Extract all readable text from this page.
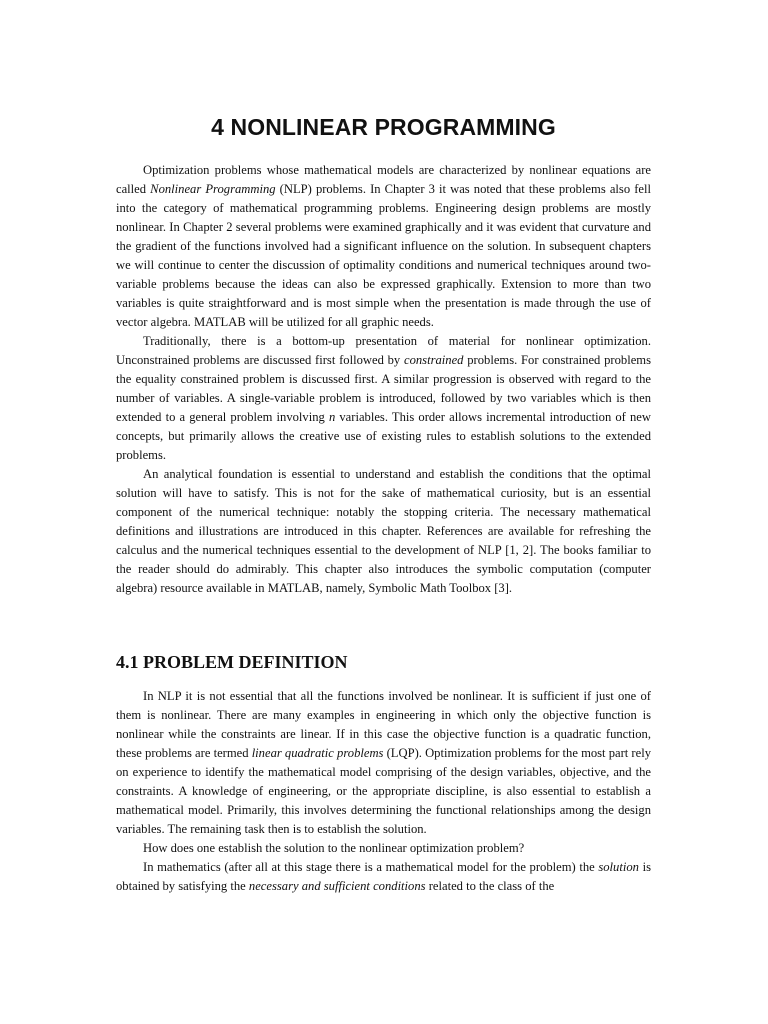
4 NONLINEAR PROGRAMMING

Optimization problems whose mathematical models are characterized by nonlinear equations are called Nonlinear Programming (NLP) problems. In Chapter 3 it was noted that these problems also fell into the category of mathematical programming problems. Engineering design problems are mostly nonlinear. In Chapter 2 several problems were examined graphically and it was evident that curvature and the gradient of the functions involved had a significant influence on the solution. In subsequent chapters we will continue to center the discussion of optimality conditions and numerical techniques around two-variable problems because the ideas can also be expressed graphically. Extension to more than two variables is quite straightforward and is most simple when the presentation is made through the use of vector algebra. MATLAB will be utilized for all graphic needs.

Traditionally, there is a bottom-up presentation of material for nonlinear optimization. Unconstrained problems are discussed first followed by constrained problems. For constrained problems the equality constrained problem is discussed first. A similar progression is observed with regard to the number of variables. A single-variable problem is introduced, followed by two variables which is then extended to a general problem involving n variables. This order allows incremental introduction of new concepts, but primarily allows the creative use of existing rules to establish solutions to the extended problems.

An analytical foundation is essential to understand and establish the conditions that the optimal solution will have to satisfy. This is not for the sake of mathematical curiosity, but is an essential component of the numerical technique: notably the stopping criteria. The necessary mathematical definitions and illustrations are introduced in this chapter. References are available for refreshing the calculus and the numerical techniques essential to the development of NLP [1, 2]. The books familiar to the reader should do admirably. This chapter also introduces the symbolic computation (computer algebra) resource available in MATLAB, namely, Symbolic Math Toolbox [3].

4.1 PROBLEM DEFINITION

In NLP it is not essential that all the functions involved be nonlinear. It is sufficient if just one of them is nonlinear. There are many examples in engineering in which only the objective function is nonlinear while the constraints are linear. If in this case the objective function is a quadratic function, these problems are termed linear quadratic problems (LQP). Optimization problems for the most part rely on experience to identify the mathematical model comprising of the design variables, objective, and the constraints. A knowledge of engineering, or the appropriate discipline, is also essential to establish a mathematical model. Primarily, this involves determining the functional relationships among the design variables. The remaining task then is to establish the solution.

How does one establish the solution to the nonlinear optimization problem?

In mathematics (after all at this stage there is a mathematical model for the problem) the solution is obtained by satisfying the necessary and sufficient conditions related to the class of the
